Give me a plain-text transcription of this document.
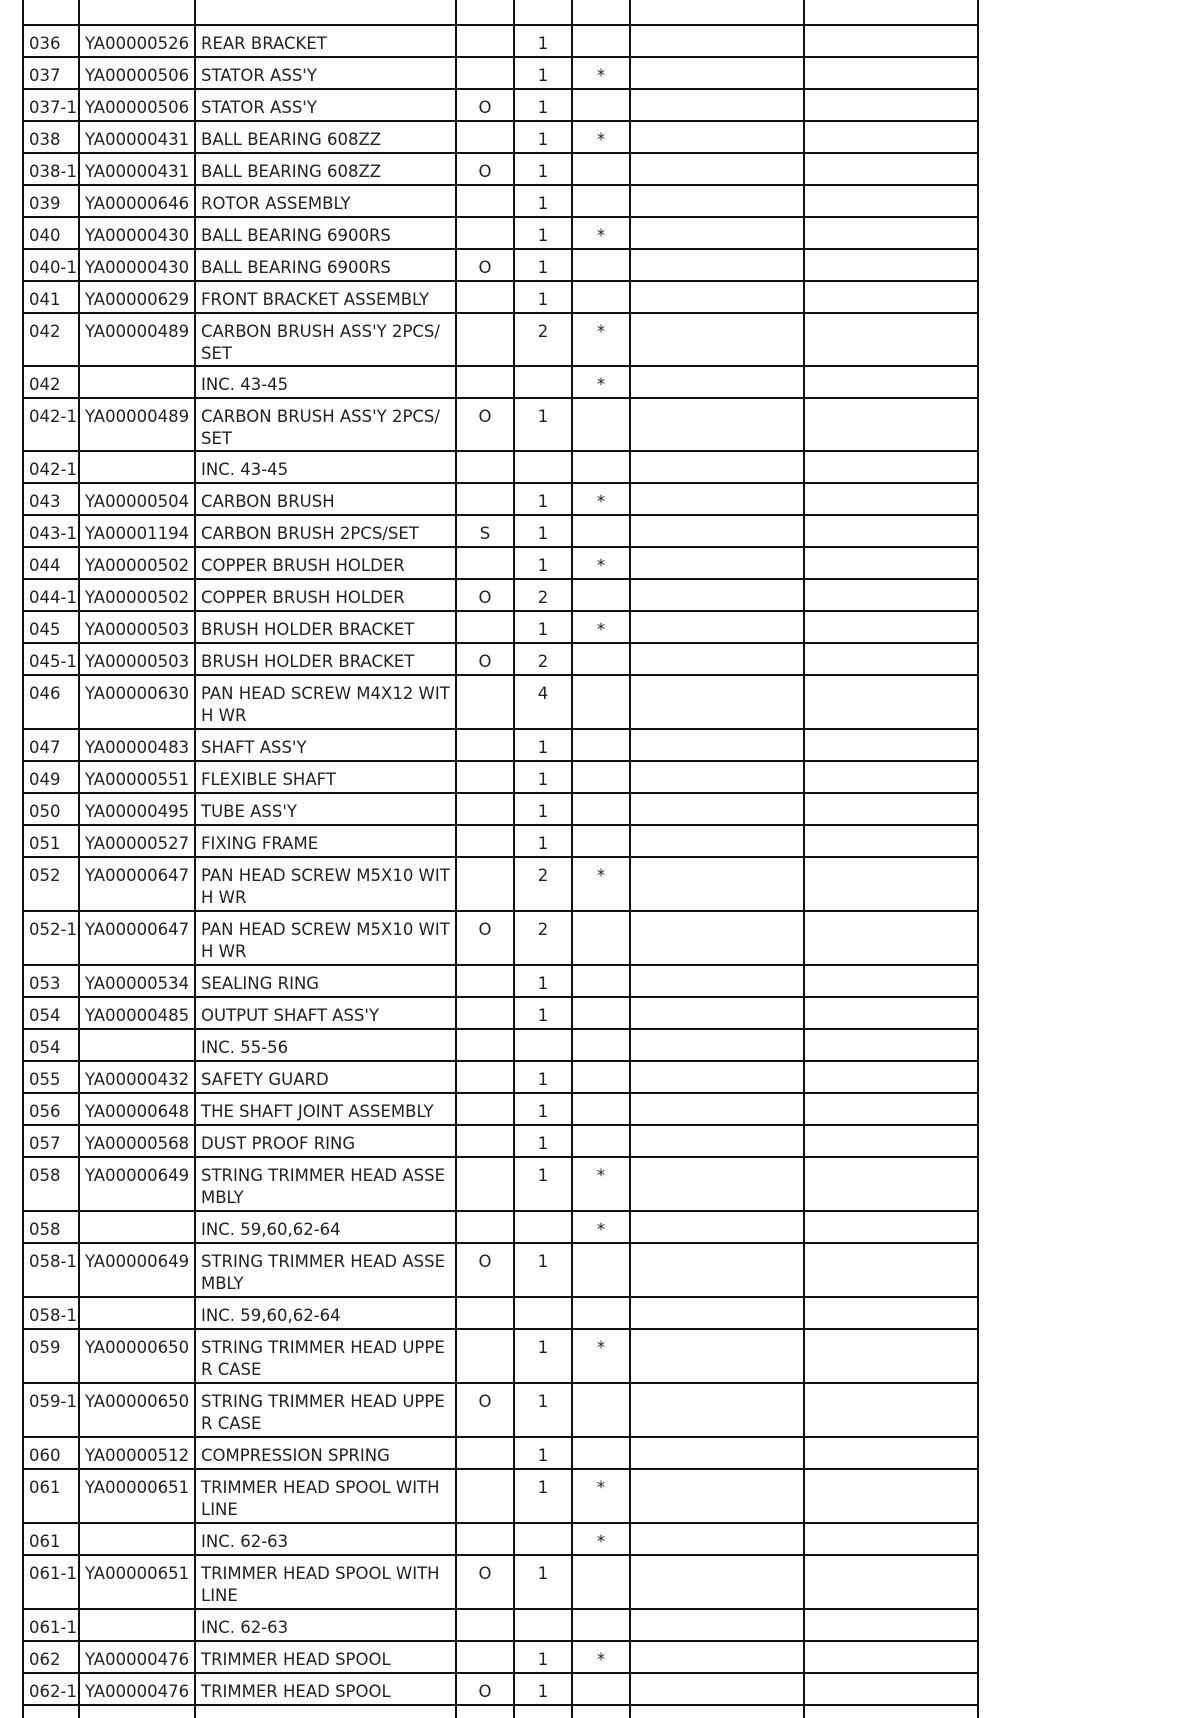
036	YA00000526	REAR BRACKET		1			
037	YA00000506	STATOR ASS'Y		1	*		
037-1	YA00000506	STATOR ASS'Y	O	1			
038	YA00000431	BALL BEARING 608ZZ		1	*		
038-1	YA00000431	BALL BEARING 608ZZ	O	1			
039	YA00000646	ROTOR ASSEMBLY		1			
040	YA00000430	BALL BEARING 6900RS		1	*		
040-1	YA00000430	BALL BEARING 6900RS	O	1			
041	YA00000629	FRONT BRACKET ASSEMBLY		1			
042	YA00000489	CARBON BRUSH ASS'Y 2PCS/SET		2	*		
042		INC. 43-45			*		
042-1	YA00000489	CARBON BRUSH ASS'Y 2PCS/SET	O	1			
042-1		INC. 43-45					
043	YA00000504	CARBON BRUSH		1	*		
043-1	YA00001194	CARBON BRUSH 2PCS/SET	S	1			
044	YA00000502	COPPER BRUSH HOLDER		1	*		
044-1	YA00000502	COPPER BRUSH HOLDER	O	2			
045	YA00000503	BRUSH HOLDER BRACKET		1	*		
045-1	YA00000503	BRUSH HOLDER BRACKET	O	2			
046	YA00000630	PAN HEAD SCREW M4X12 WITH WR		4			
047	YA00000483	SHAFT ASS'Y		1			
049	YA00000551	FLEXIBLE SHAFT		1			
050	YA00000495	TUBE ASS'Y		1			
051	YA00000527	FIXING FRAME		1			
052	YA00000647	PAN HEAD SCREW M5X10 WITH WR		2	*		
052-1	YA00000647	PAN HEAD SCREW M5X10 WITH WR	O	2			
053	YA00000534	SEALING RING		1			
054	YA00000485	OUTPUT SHAFT ASS'Y		1			
054		INC. 55-56					
055	YA00000432	SAFETY GUARD		1			
056	YA00000648	THE SHAFT JOINT ASSEMBLY		1			
057	YA00000568	DUST PROOF RING		1			
058	YA00000649	STRING TRIMMER HEAD ASSEMBLY		1	*		
058		INC. 59,60,62-64			*		
058-1	YA00000649	STRING TRIMMER HEAD ASSEMBLY	O	1			
058-1		INC. 59,60,62-64					
059	YA00000650	STRING TRIMMER HEAD UPPER CASE		1	*		
059-1	YA00000650	STRING TRIMMER HEAD UPPER CASE	O	1			
060	YA00000512	COMPRESSION SPRING		1			
061	YA00000651	TRIMMER HEAD SPOOL WITH LINE		1	*		
061		INC. 62-63			*		
061-1	YA00000651	TRIMMER HEAD SPOOL WITH LINE	O	1			
061-1		INC. 62-63					
062	YA00000476	TRIMMER HEAD SPOOL		1	*		
062-1	YA00000476	TRIMMER HEAD SPOOL	O	1			
